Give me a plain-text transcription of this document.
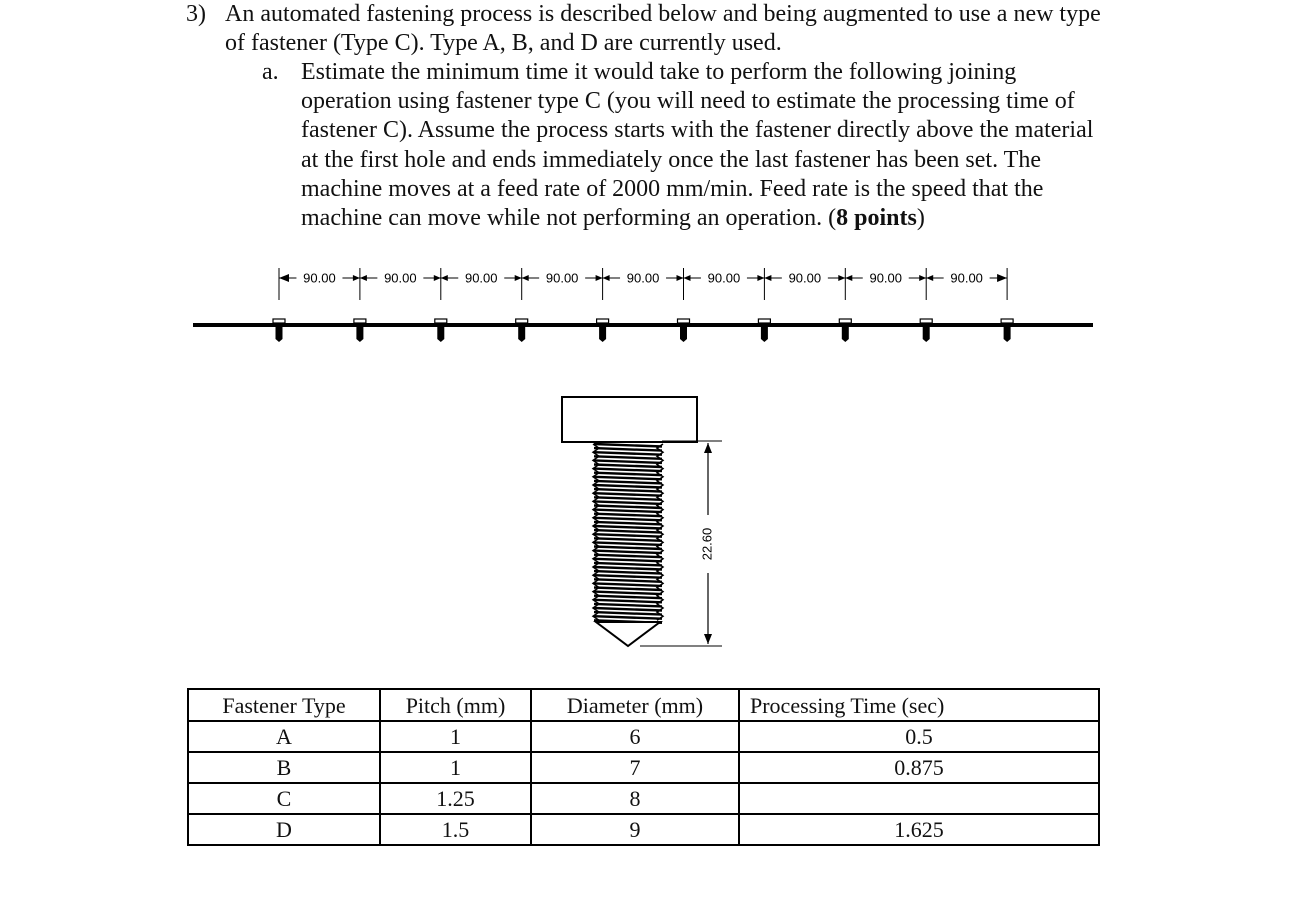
3) An automated fastening process is described below and being augmented to use a new type of fastener (Type C). Type A, B, and D are currently used.
a. Estimate the minimum time it would take to perform the following joining operation using fastener type C (you will need to estimate the processing time of fastener C). Assume the process starts with the fastener directly above the material at the first hole and ends immediately once the last fastener has been set. The machine moves at a feed rate of 2000 mm/min. Feed rate is the speed that the machine can move while not performing an operation. (8 points)
90.00	90.00	90.00	90.00	90.00	90.00	90.00	90.00	90.00
22.60
Fastener Type	Pitch (mm)	Diameter (mm)	Processing Time (sec)
A	1	6	0.5
B	1	7	0.875
C	1.25	8	
D	1.5	9	1.625
